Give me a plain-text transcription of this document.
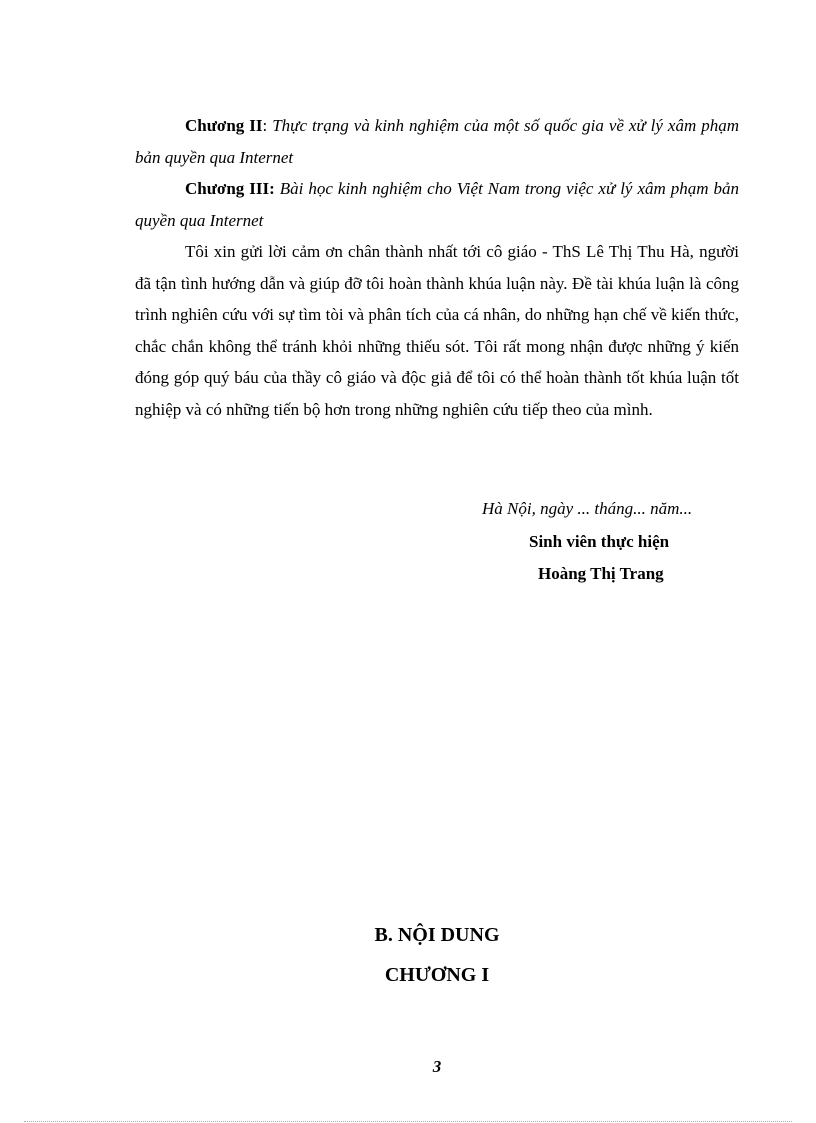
Chương II: Thực trạng và kinh nghiệm của một số quốc gia về xử lý xâm phạm bản quyền qua Internet

Chương III: Bài học kinh nghiệm cho Việt Nam trong việc xử lý xâm phạm bản quyền qua Internet

Tôi xin gửi lời cảm ơn chân thành nhất tới cô giáo - ThS Lê Thị Thu Hà, người đã tận tình hướng dẫn và giúp đỡ tôi hoàn thành khúa luận này. Đề tài khúa luận là công trình nghiên cứu với sự tìm tòi và phân tích của cá nhân, do những hạn chế về kiến thức, chắc chắn không thể tránh khỏi những thiếu sót. Tôi rất mong nhận được những ý kiến đóng góp quý báu của thầy cô giáo và độc giả để tôi có thể hoàn thành tốt khúa luận tốt nghiệp và có những tiến bộ hơn trong những nghiên cứu tiếp theo của mình.

Hà Nội, ngày ... tháng... năm...

Sinh viên thực hiện

Hoàng Thị Trang

B. NỘI DUNG

CHƯƠNG I

3
